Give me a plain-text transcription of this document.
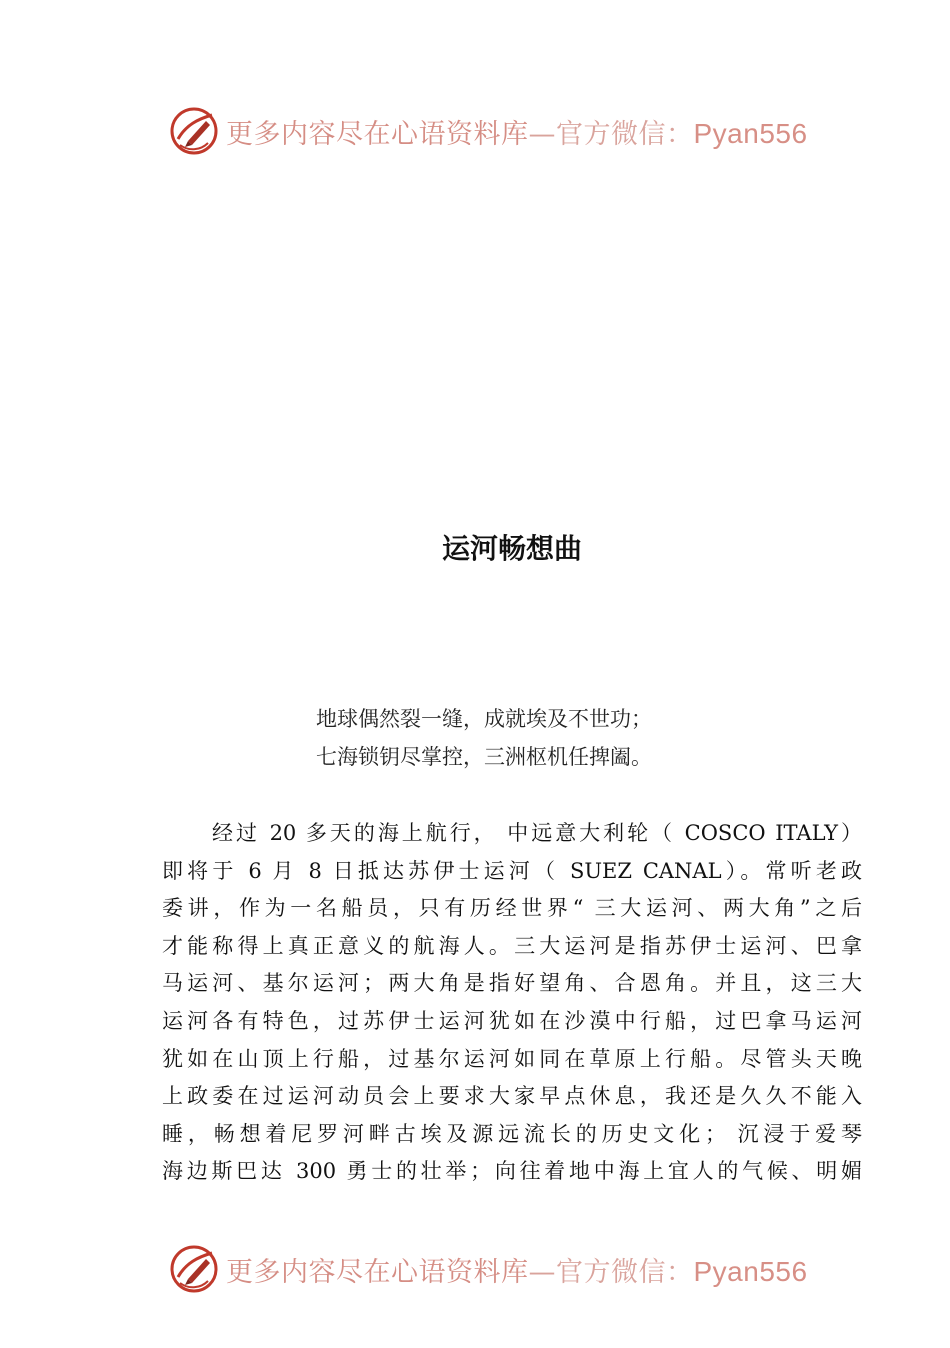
更多内容尽在心语资料库—官方微信：Pyan556
运河畅想曲
地球偶然裂一缝，成就埃及不世功；
七海锁钥尽掌控，三洲枢机任捭阖。
经过 20 多天的海上航行， 中远意大利轮（ COSCO ITALY）
即将于 6 月 8 日抵达苏伊士运河（ SUEZ CANAL）。常听老政
委讲，作为一名船员，只有历经世界“ 三大运河、两大角”之后
才能称得上真正意义的航海人。三大运河是指苏伊士运河、巴拿
马运河、基尔运河；两大角是指好望角、合恩角。并且，这三大
运河各有特色，过苏伊士运河犹如在沙漠中行船，过巴拿马运河
犹如在山顶上行船，过基尔运河如同在草原上行船。尽管头天晚
上政委在过运河动员会上要求大家早点休息，我还是久久不能入
睡，畅想着尼罗河畔古埃及源远流长的历史文化； 沉浸于爱琴
海边斯巴达 300 勇士的壮举；向往着地中海上宜人的气候、明媚
更多内容尽在心语资料库—官方微信：Pyan556
